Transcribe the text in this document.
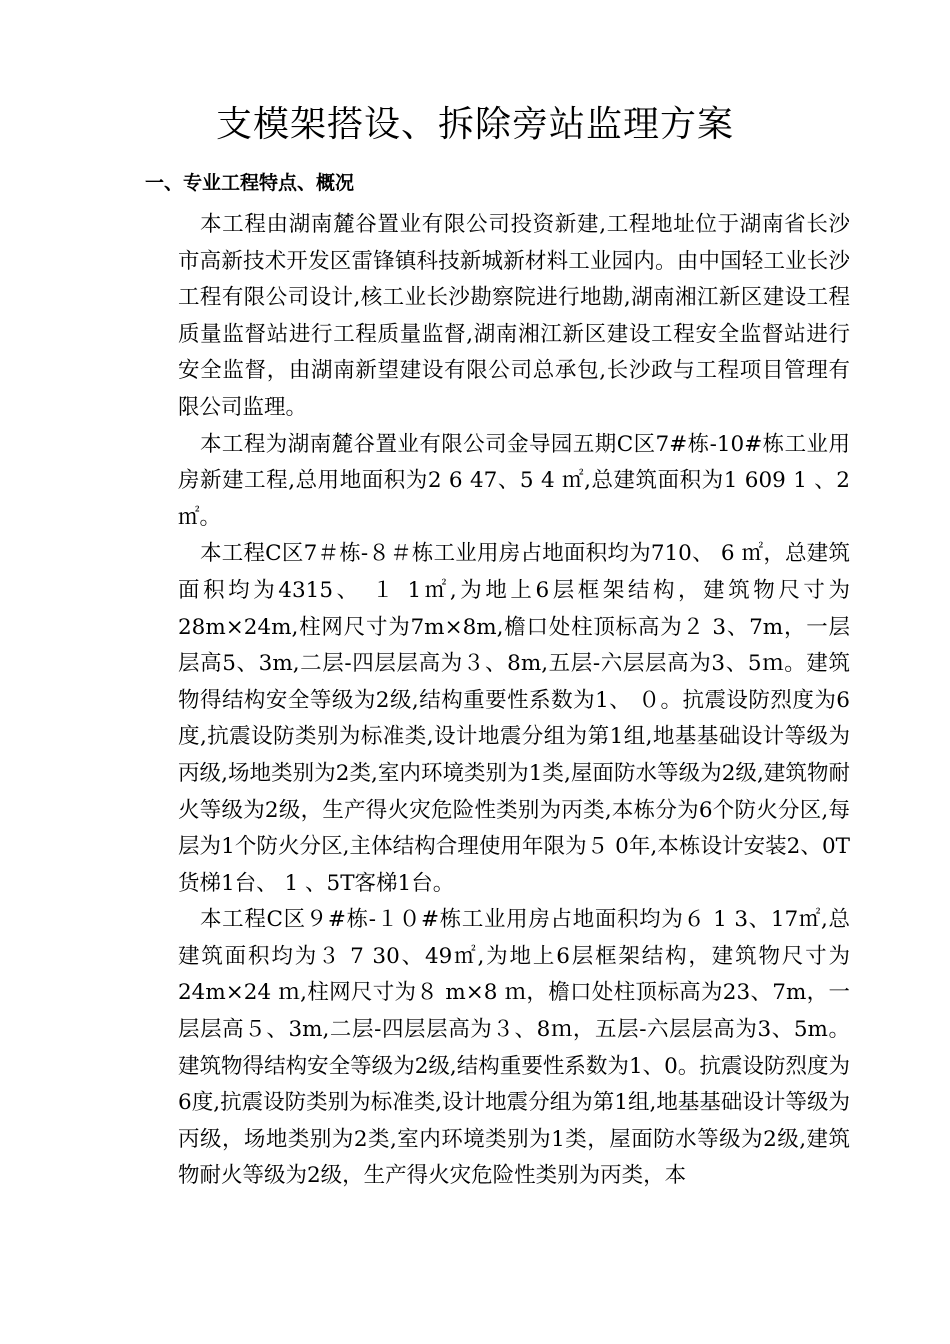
支模架搭设、拆除旁站监理方案
一、专业工程特点、概况

本工程由湖南麓谷置业有限公司投资新建,工程地址位于湖南省长沙市高新技术开发区雷锋镇科技新城新材料工业园内。由中国轻工业长沙工程有限公司设计,核工业长沙勘察院进行地勘,湖南湘江新区建设工程质量监督站进行工程质量监督,湖南湘江新区建设工程安全监督站进行安全监督，由湖南新望建设有限公司总承包,长沙政与工程项目管理有限公司监理。

本工程为湖南麓谷置业有限公司金导园五期C区7#栋-10#栋工业用房新建工程,总用地面积为2 6 47、5 4 ㎡,总建筑面积为1 609 1 、2㎡。

本工程C区7＃栋-８＃栋工业用房占地面积均为710、 6 ㎡，总建筑面积均为4315、 １ 1㎡,为地上6层框架结构，建筑物尺寸为28m×24m,柱网尺寸为7m×8m,檐口处柱顶标高为２ 3、7m，一层层高5、3m,二层-四层层高为３、8m,五层-六层层高为3、5ｍ。建筑物得结构安全等级为2级,结构重要性系数为1、 ０。抗震设防烈度为6度,抗震设防类别为标准类,设计地震分组为第1组,地基基础设计等级为丙级,场地类别为2类,室内环境类别为1类,屋面防水等级为2级,建筑物耐火等级为2级，生产得火灾危险性类别为丙类,本栋分为6个防火分区,每层为1个防火分区,主体结构合理使用年限为５ 0年,本栋设计安装2、0T货梯1台、 1 、5T客梯1台。

本工程C区９#栋-１０#栋工业用房占地面积均为６ 1 3、17㎡,总建筑面积均为３ 7 30、49㎡,为地上6层框架结构，建筑物尺寸为24m×24 ｍ,柱网尺寸为８ m×8 ｍ，檐口处柱顶标高为23、7m，一层层高５、3m,二层-四层层高为３、8ｍ，五层-六层层高为3、5m。建筑物得结构安全等级为2级,结构重要性系数为1、0。抗震设防烈度为6度,抗震设防类别为标准类,设计地震分组为第1组,地基基础设计等级为丙级，场地类别为2类,室内环境类别为1类，屋面防水等级为2级,建筑物耐火等级为2级，生产得火灾危险性类别为丙类，本
